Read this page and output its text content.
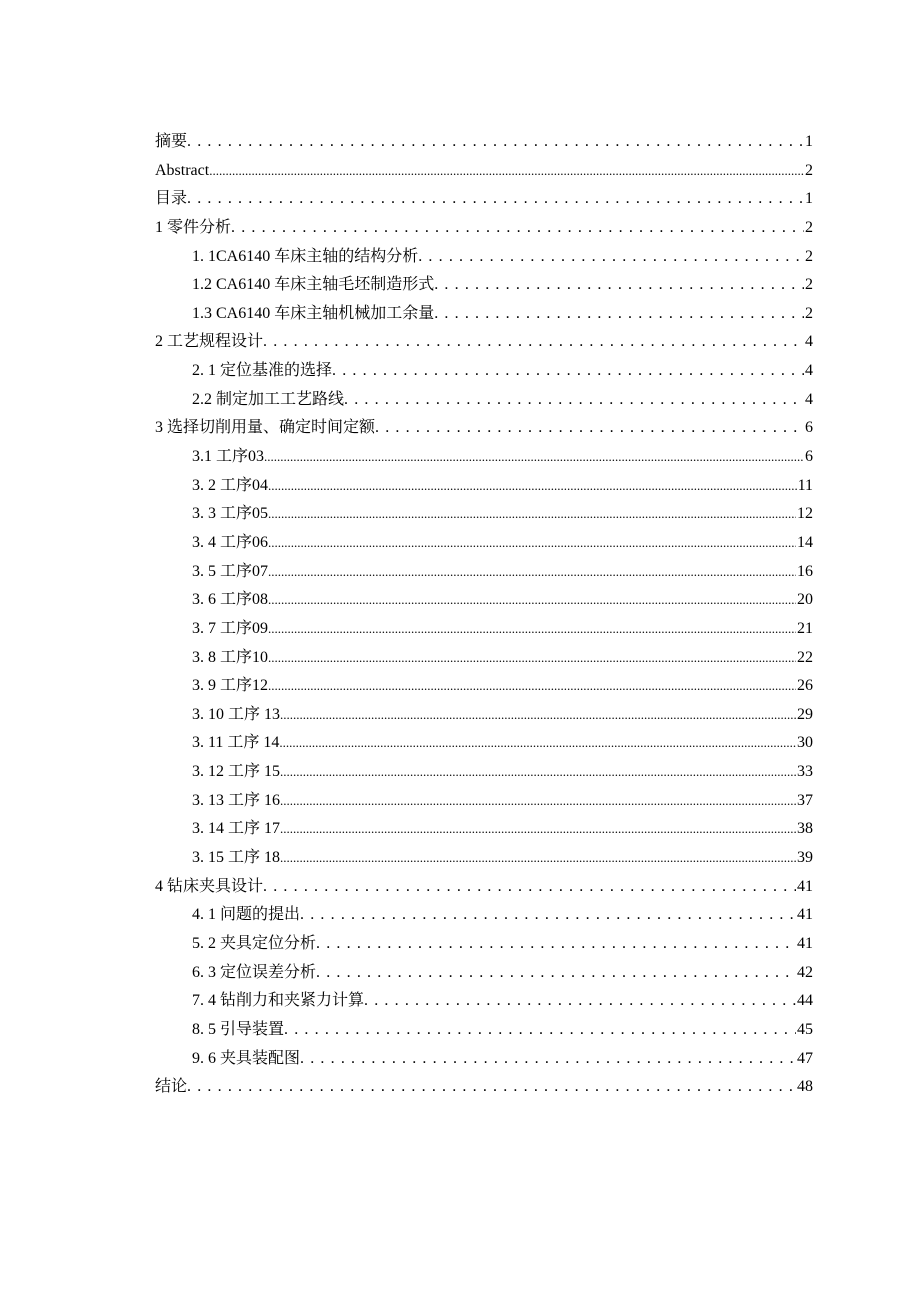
摘要 . . .	1
Abstract .....	2
目录 . . .	1
1 零件分析 . . .	2
1. 1CA6140 车床主轴的结构分析 . . .	2
1.2 CA6140 车床主轴毛坯制造形式 . . .	2
1.3 CA6140 车床主轴机械加工余量 . . .	2
2 工艺规程设计 . . .	4
2. 1 定位基准的选择 . . .	4
2.2 制定加工工艺路线 . . .	4
3 选择切削用量、确定时间定额 . . .	6
3.1 工序03 .....	6
3. 2 工序04 .....	11
3. 3 工序05 .....	12
3. 4 工序06 .....	14
3. 5 工序07 .....	16
3. 6 工序08 .....	20
3. 7 工序09 .....	21
3. 8 工序10 .....	22
3. 9 工序12 .....	26
3. 10 工序 13 .....	29
3. 11 工序 14 .....	30
3. 12 工序 15 .....	33
3. 13 工序 16 .....	37
3. 14 工序 17 .....	38
3. 15 工序 18 .....	39
4 钻床夹具设计 . . .	41
4. 1 问题的提出 . . .	41
5. 2 夹具定位分析 . . .	41
6. 3 定位误差分析 . . .	42
7. 4 钻削力和夹紧力计算 . . .	44
8. 5 引导装置 . . .	45
9. 6 夹具装配图 . . .	47
结论 . . .	48
